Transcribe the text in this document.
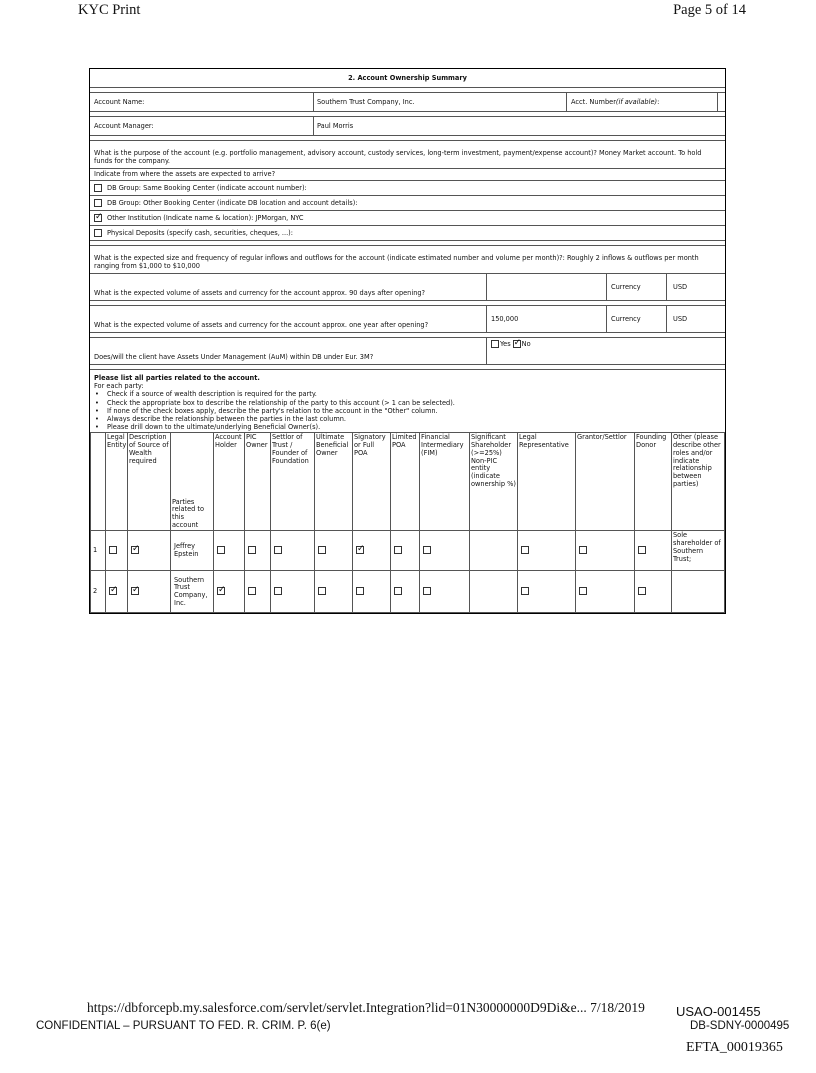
KYC Print	Page 5 of 14
2. Account Ownership Summary
Account Name:	Southern Trust Company, Inc.	Acct. Number (if available) :
Account Manager:	Paul Morris
What is the purpose of the account (e.g. portfolio management, advisory account, custody services, long-term investment, payment/expense account)? Money Market account. To hold funds for the company.
Indicate from where the assets are expected to arrive?
DB Group: Same Booking Center (indicate account number):
DB Group: Other Booking Center (indicate DB location and account details):
✓
Other Institution (Indicate name & location): JPMorgan, NYC
Physical Deposits (specify cash, securities, cheques, ...):
What is the expected size and frequency of regular inflows and outflows for the account (indicate estimated number and volume per month)?: Roughly 2 inflows & outflows per month ranging from $1,000 to $10,000
What is the expected volume of assets and currency for the account approx. 90 days after opening?
Currency	USD
What is the expected volume of assets and currency for the account approx. one year after opening?
150,000	Currency	USD
Does/will the client have Assets Under Management (AuM) within DB under Eur. 3M?
Yes ✓ No
Please list all parties related to the account.
For each party:
• Check if a source of wealth description is required for the party.
• Check the appropriate box to describe the relationship of the party to this account (> 1 can be selected).
• If none of the check boxes apply, describe the party's relation to the account in the "Other" column.
• Always describe the relationship between the parties in the last column.
• Please drill down to the ultimate/underlying Beneficial Owner(s).
	Legal Entity	Description of Source of Wealth required	Parties related to this account	Account Holder	PIC Owner	Settlor of Trust / Founder of Foundation	Ultimate Beneficial Owner	Signatory or Full POA	Limited POA	Financial Intermediary (FIM)	Significant Shareholder (>=25%) Non-PIC entity (indicate ownership %)	Legal Representative	Grantor/Settlor	Founding Donor	Other (please describe other roles and/or indicate relationship between parties)
1		✓	Jeffrey Epstein					✓							Sole shareholder of Southern Trust;
2	✓	✓	Southern Trust Company, Inc.	✓											
https://dbforcepb.my.salesforce.com/servlet/servlet.Integration?lid=01N30000000D9Di&e... 7/18/2019 USAO-001455
CONFIDENTIAL – PURSUANT TO FED. R. CRIM. P. 6(e)	DB-SDNY-0000495
EFTA_00019365
